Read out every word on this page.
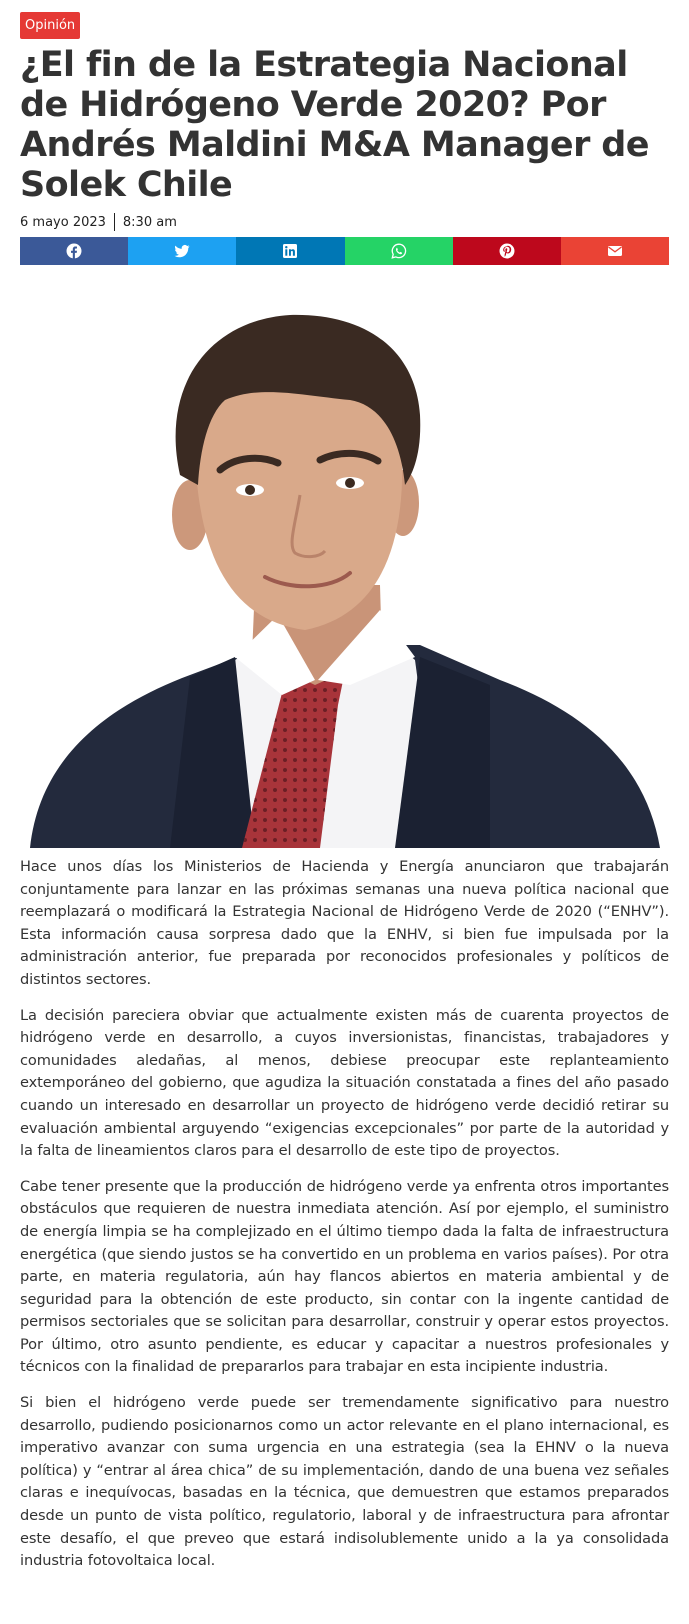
Opinión
¿El fin de la Estrategia Nacional de Hidrógeno Verde 2020? Por Andrés Maldini M&A Manager de Solek Chile
6 mayo 2023 8:30 am

Hace unos días los Ministerios de Hacienda y Energía anunciaron que trabajarán conjuntamente para lanzar en las próximas semanas una nueva política nacional que reemplazará o modificará la Estrategia Nacional de Hidrógeno Verde de 2020 (“ENHV”). Esta información causa sorpresa dado que la ENHV, si bien fue impulsada por la administración anterior, fue preparada por reconocidos profesionales y políticos de distintos sectores.

La decisión pareciera obviar que actualmente existen más de cuarenta proyectos de hidrógeno verde en desarrollo, a cuyos inversionistas, financistas, trabajadores y comunidades aledañas, al menos, debiese preocupar este replanteamiento extemporáneo del gobierno, que agudiza la situación constatada a fines del año pasado cuando un interesado en desarrollar un proyecto de hidrógeno verde decidió retirar su evaluación ambiental arguyendo “exigencias excepcionales” por parte de la autoridad y la falta de lineamientos claros para el desarrollo de este tipo de proyectos.

Cabe tener presente que la producción de hidrógeno verde ya enfrenta otros importantes obstáculos que requieren de nuestra inmediata atención. Así por ejemplo, el suministro de energía limpia se ha complejizado en el último tiempo dada la falta de infraestructura energética (que siendo justos se ha convertido en un problema en varios países). Por otra parte, en materia regulatoria, aún hay flancos abiertos en materia ambiental y de seguridad para la obtención de este producto, sin contar con la ingente cantidad de permisos sectoriales que se solicitan para desarrollar, construir y operar estos proyectos. Por último, otro asunto pendiente, es educar y capacitar a nuestros profesionales y técnicos con la finalidad de prepararlos para trabajar en esta incipiente industria.

Si bien el hidrógeno verde puede ser tremendamente significativo para nuestro desarrollo, pudiendo posicionarnos como un actor relevante en el plano internacional, es imperativo avanzar con suma urgencia en una estrategia (sea la EHNV o la nueva política) y “entrar al área chica” de su implementación, dando de una buena vez señales claras e inequívocas, basadas en la técnica, que demuestren que estamos preparados desde un punto de vista político, regulatorio, laboral y de infraestructura para afrontar este desafío, el que preveo que estará indisolublemente unido a la ya consolidada industria fotovoltaica local.
